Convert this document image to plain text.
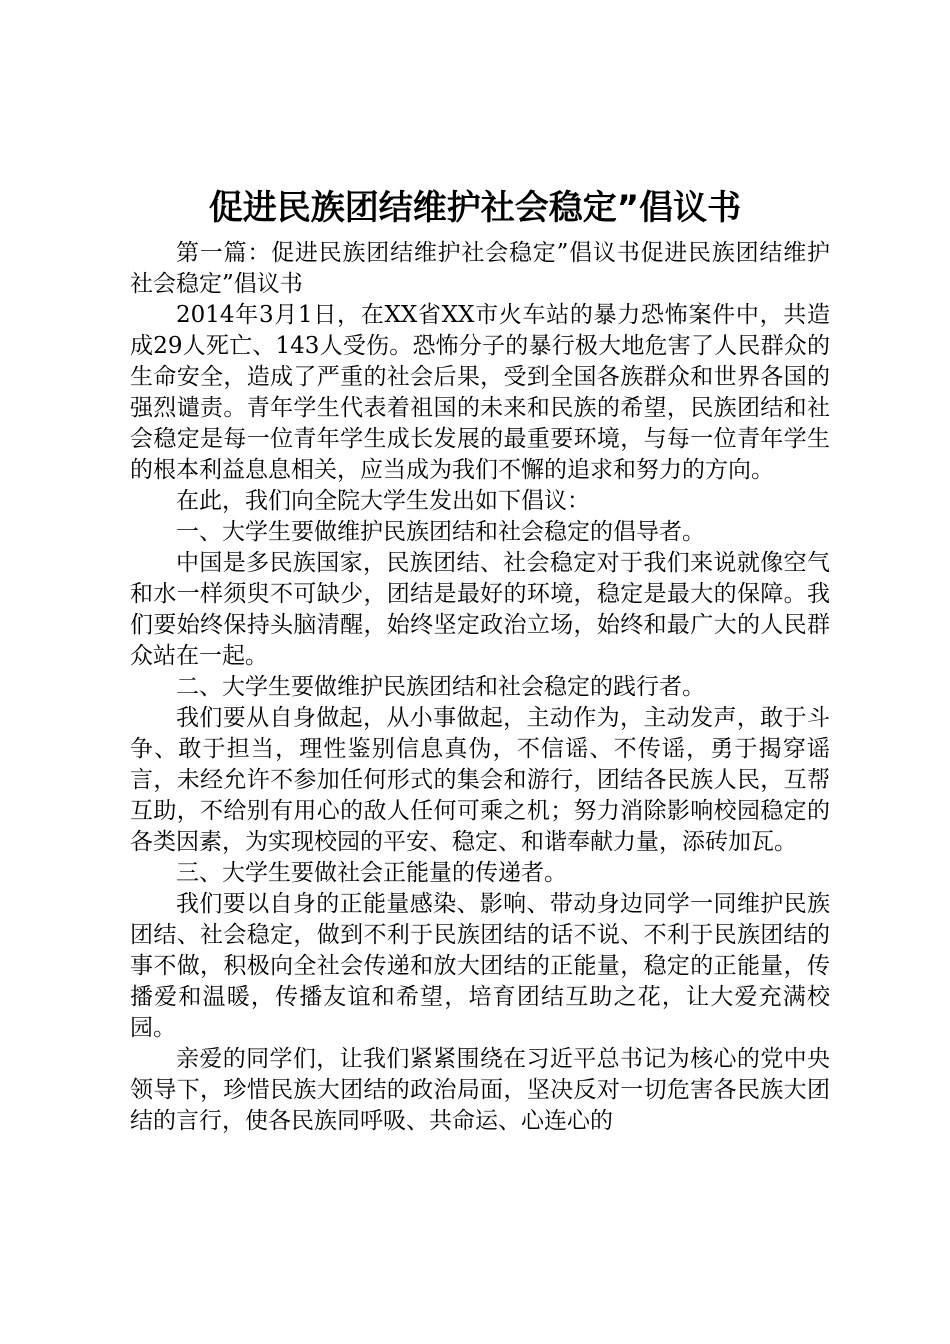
促进民族团结维护社会稳定”倡议书

第一篇：促进民族团结维护社会稳定”倡议书促进民族团结维护社会稳定”倡议书

2014年3月1日，在XX省XX市火车站的暴力恐怖案件中，共造成29人死亡、143人受伤。恐怖分子的暴行极大地危害了人民群众的生命安全，造成了严重的社会后果，受到全国各族群众和世界各国的强烈谴责。青年学生代表着祖国的未来和民族的希望，民族团结和社会稳定是每一位青年学生成长发展的最重要环境，与每一位青年学生的根本利益息息相关，应当成为我们不懈的追求和努力的方向。

在此，我们向全院大学生发出如下倡议：

一、大学生要做维护民族团结和社会稳定的倡导者。

中国是多民族国家，民族团结、社会稳定对于我们来说就像空气和水一样须臾不可缺少，团结是最好的环境，稳定是最大的保障。我们要始终保持头脑清醒，始终坚定政治立场，始终和最广大的人民群众站在一起。

二、大学生要做维护民族团结和社会稳定的践行者。

我们要从自身做起，从小事做起，主动作为，主动发声，敢于斗争、敢于担当，理性鉴别信息真伪，不信谣、不传谣，勇于揭穿谣言，未经允许不参加任何形式的集会和游行，团结各民族人民，互帮互助，不给别有用心的敌人任何可乘之机；努力消除影响校园稳定的各类因素，为实现校园的平安、稳定、和谐奉献力量，添砖加瓦。

三、大学生要做社会正能量的传递者。

我们要以自身的正能量感染、影响、带动身边同学一同维护民族团结、社会稳定，做到不利于民族团结的话不说、不利于民族团结的事不做，积极向全社会传递和放大团结的正能量，稳定的正能量，传播爱和温暖，传播友谊和希望，培育团结互助之花，让大爱充满校园。

亲爱的同学们，让我们紧紧围绕在习近平总书记为核心的党中央领导下，珍惜民族大团结的政治局面，坚决反对一切危害各民族大团结的言行，使各民族同呼吸、共命运、心连心的
